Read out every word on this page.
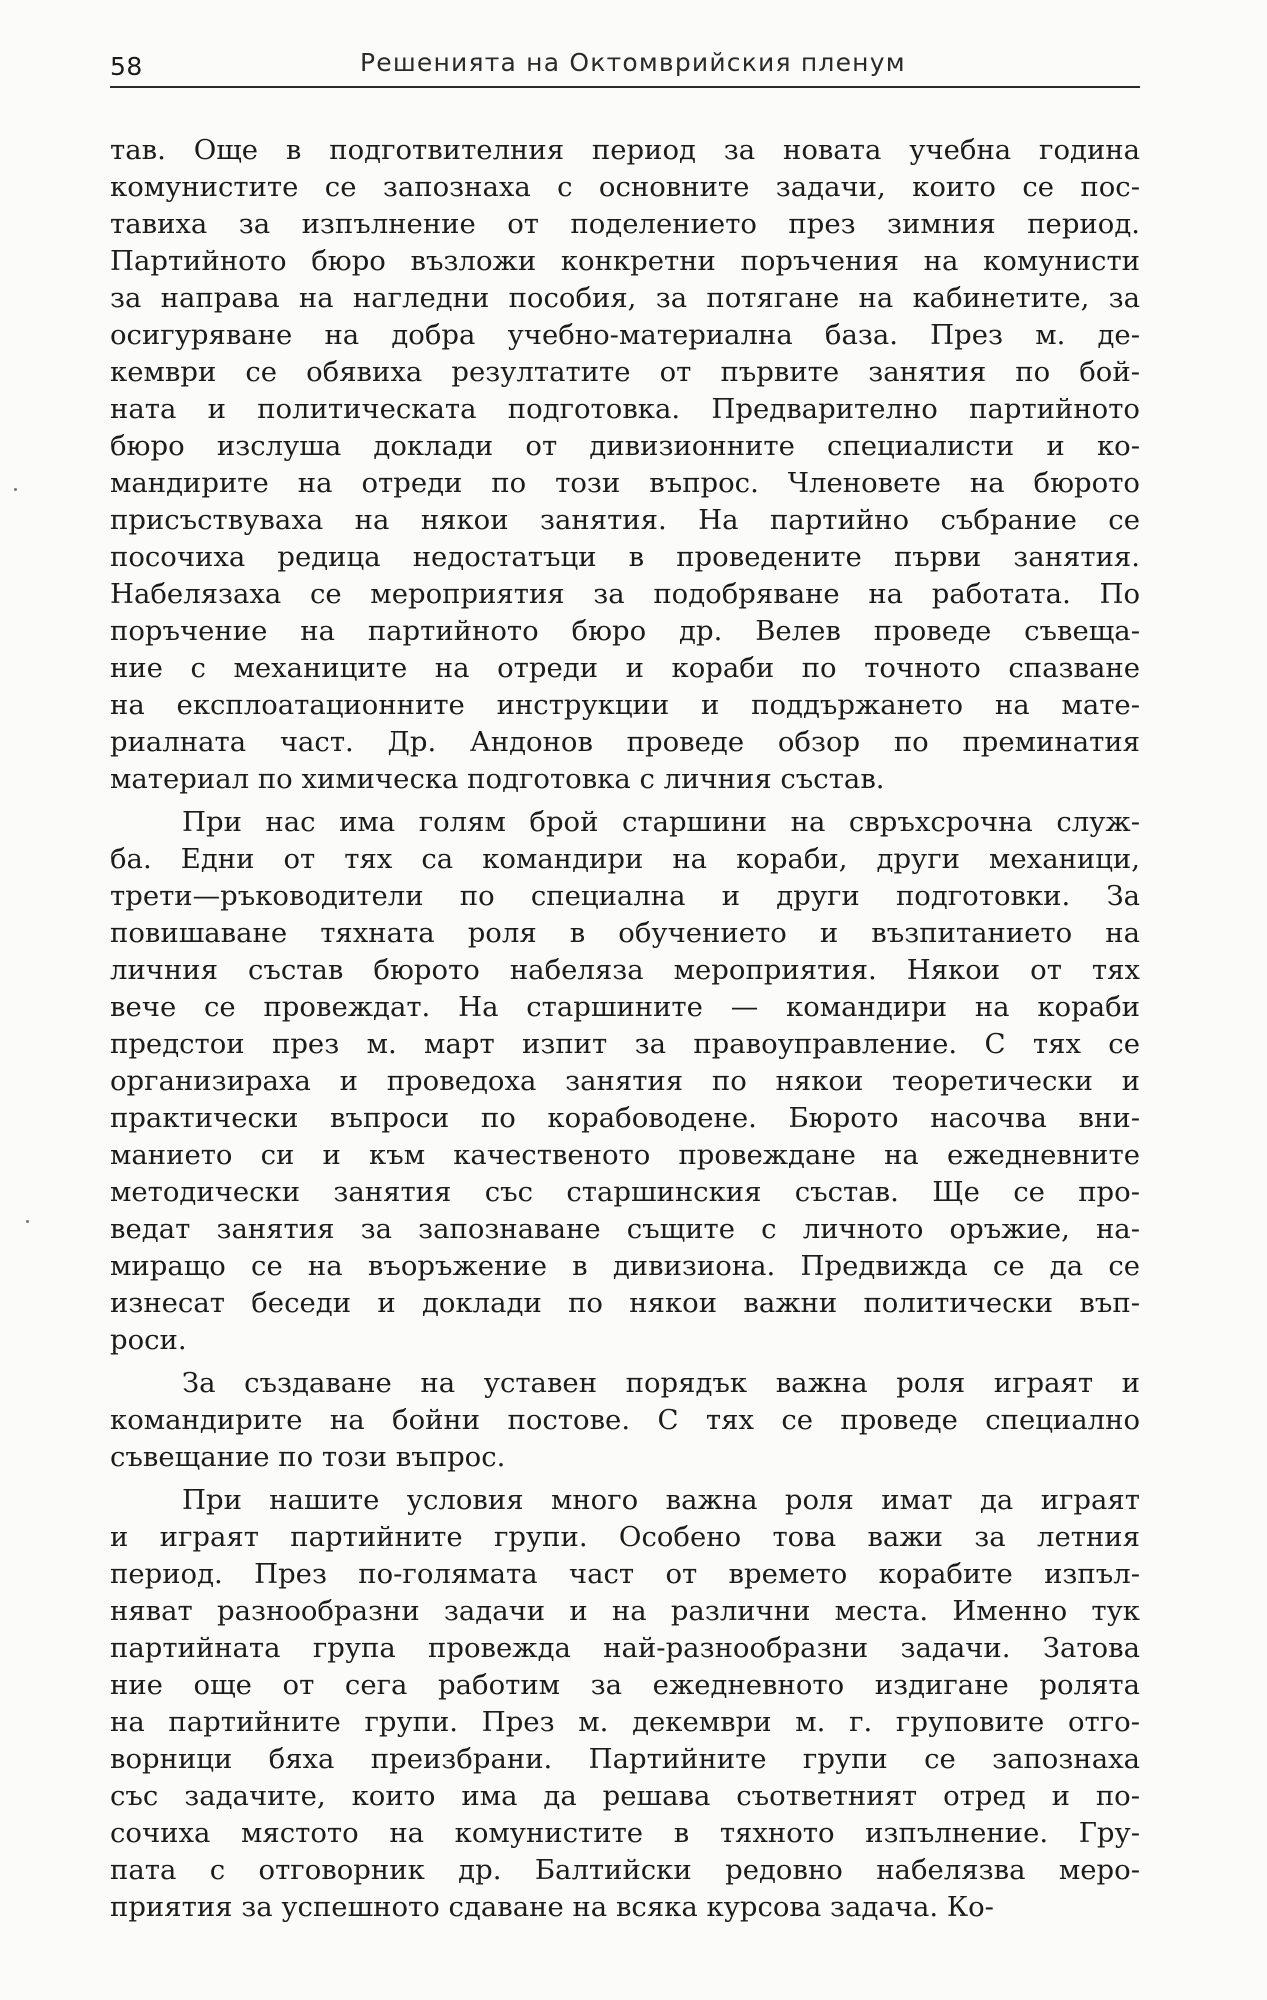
58	Решенията на Октомврийския пленум
тав. Още в подготвителния период за новата учебна година
комунистите се запознаха с основните задачи, които се пос-
тавиха за изпълнение от поделението през зимния период.
Партийното бюро възложи конкретни поръчения на комунисти
за направа на нагледни пособия, за потягане на кабинетите, за
осигуряване на добра учебно-материална база. През м. де-
кември се обявиха резултатите от първите занятия по бой-
ната и политическата подготовка. Предварително партийното
бюро изслуша доклади от дивизионните специалисти и ко-
мандирите на отреди по този въпрос. Членовете на бюрото
присъствуваха на някои занятия. На партийно събрание се
посочиха редица недостатъци в проведените първи занятия.
Набелязаха се мероприятия за подобряване на работата. По
поръчение на партийното бюро др. Велев проведе съвеща-
ние с механиците на отреди и кораби по точното спазване
на експлоатационните инструкции и поддържането на мате-
риалната част. Др. Андонов проведе обзор по преминатия
материал по химическа подготовка с личния състав.
При нас има голям брой старшини на свръхсрочна служ-
ба. Едни от тях са командири на кораби, други механици,
трети—ръководители по специална и други подготовки. За
повишаване тяхната роля в обучението и възпитанието на
личния състав бюрото набеляза мероприятия. Някои от тях
вече се провеждат. На старшините — командири на кораби
предстои през м. март изпит за правоуправление. С тях се
организираха и проведоха занятия по някои теоретически и
практически въпроси по корабоводене. Бюрото насочва вни-
манието си и към качественото провеждане на ежедневните
методически занятия със старшинския състав. Ще се про-
ведат занятия за запознаване същите с личното оръжие, на-
миращо се на въоръжение в дивизиона. Предвижда се да се
изнесат беседи и доклади по някои важни политически въп-
роси.
За създаване на уставен порядък важна роля играят и
командирите на бойни постове. С тях се проведе специално
съвещание по този въпрос.
При нашите условия много важна роля имат да играят
и играят партийните групи. Особено това важи за летния
период. През по-голямата част от времето корабите изпъл-
няват разнообразни задачи и на различни места. Именно тук
партийната група провежда най-разнообразни задачи. Затова
ние още от сега работим за ежедневното издигане ролята
на партийните групи. През м. декември м. г. груповите отго-
ворници бяха преизбрани. Партийните групи се запознаха
със задачите, които има да решава съответният отред и по-
сочиха мястото на комунистите в тяхното изпълнение. Гру-
пата с отговорник др. Балтийски редовно набелязва меро-
приятия за успешното сдаване на всяка курсова задача. Ко-
